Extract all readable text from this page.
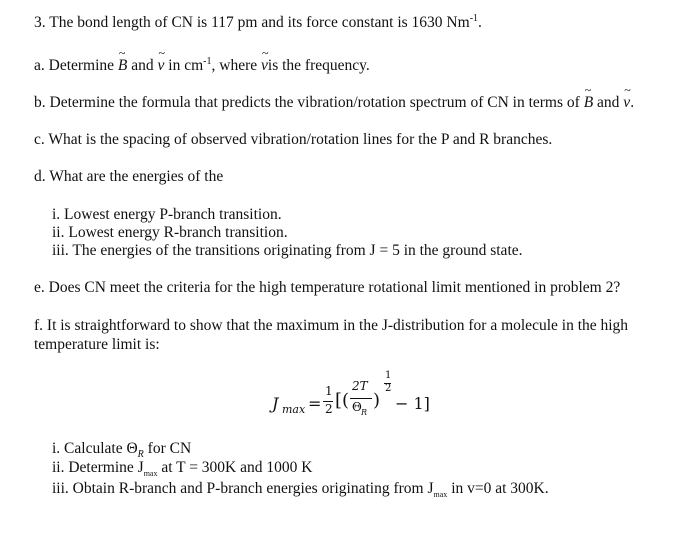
3. The bond length of CN is 117 pm and its force constant is 1630 $Nm^{-1}$.
a. Determine ~ B and ~ ν in $cm^{-1}$, where ~ νis the frequency.
b. Determine the formula that predicts the vibration/rotation spectrum of CN in terms of ~ B and ~ ν.
c. What is the spacing of observed vibration/rotation lines for the P and R branches.
d. What are the energies of the
i. Lowest energy P-branch transition.
ii. Lowest energy R-branch transition.
iii. The energies of the transitions originating from J = 5 in the ground state.
e. Does CN meet the criteria for the high temperature rotational limit mentioned in problem 2?
f. It is straightforward to show that the maximum in the J-distribution for a molecule in the high temperature limit is:
J max =
1
2 [(
2T
Θ R
)
1
2
− 1]
i. Calculate $\Theta_R$ for CN
ii. Determine $J_{max}$ at T = 300K and 1000 K
iii. Obtain R-branch and P-branch energies originating from $J_{max}$ in v=0 at 300K.
